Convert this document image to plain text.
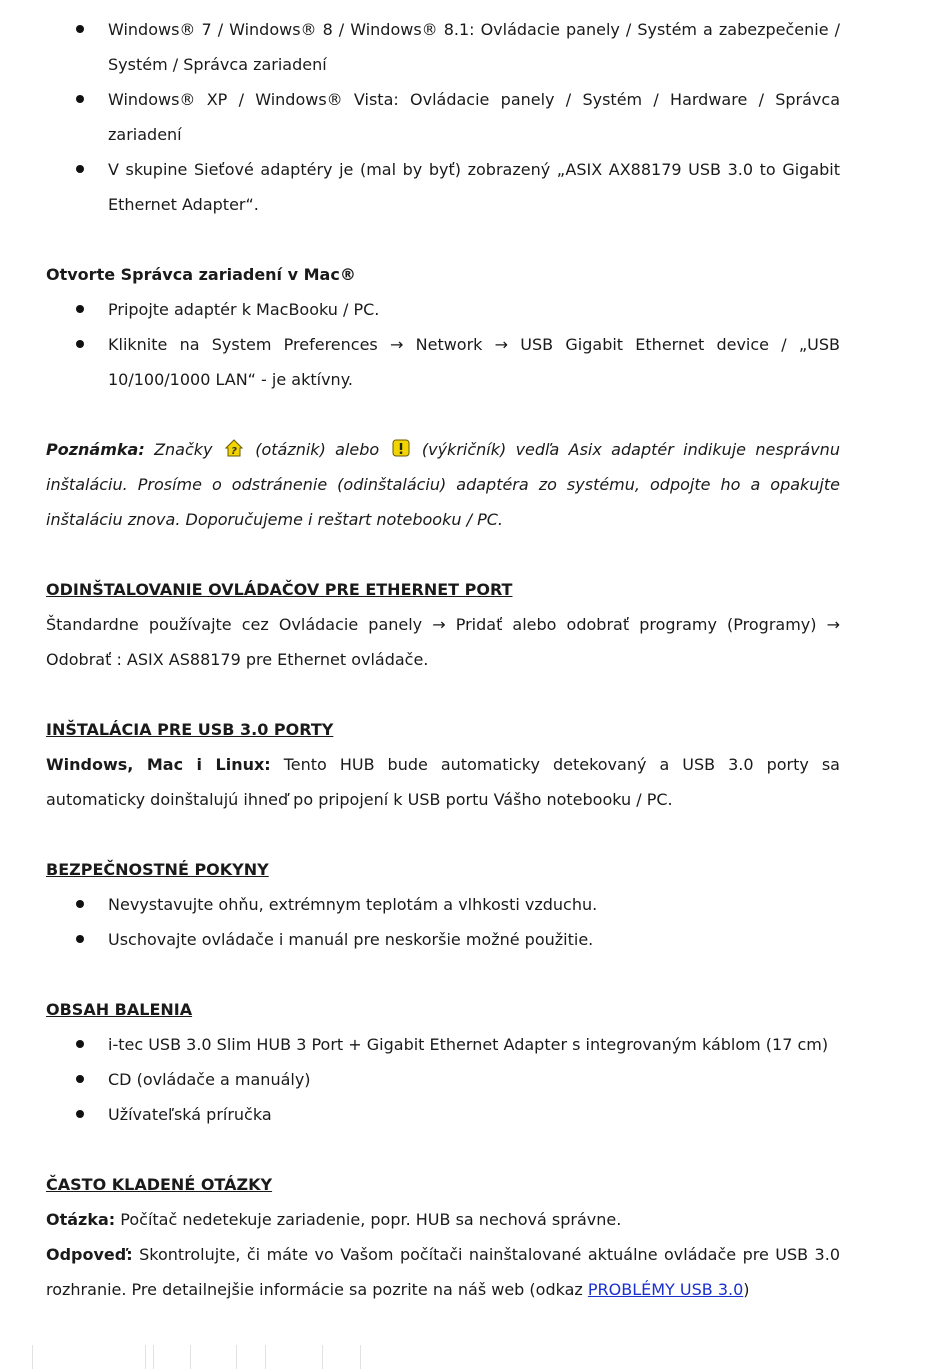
Windows® 7 / Windows® 8 / Windows® 8.1: Ovládacie panely / Systém a zabezpečenie / Systém / Správca zariadení
Windows® XP / Windows® Vista: Ovládacie panely / Systém / Hardware / Správca zariadení
V skupine Sieťové adaptéry je (mal by byť) zobrazený „ASIX AX88179 USB 3.0 to Gigabit Ethernet Adapter“.
Otvorte Správca zariadení v Mac®
Pripojte adaptér k MacBooku / PC.
Kliknite na System Preferences → Network → USB Gigabit Ethernet device / „USB 10/100/1000 LAN“ - je aktívny.

Poznámka: Značky ? (otáznik) alebo	(výkričník) vedľa Asix adaptér indikuje nesprávnu inštaláciu. Prosíme o odstránenie (odinštaláciu) adaptéra zo systému, odpojte ho a opakujte inštaláciu znova. Doporučujeme i reštart notebooku / PC.

ODINŠTALOVANIE OVLÁDAČOV PRE ETHERNET PORT

Štandardne používajte cez Ovládacie panely → Pridať alebo odobrať programy (Programy) → Odobrať : ASIX AS88179 pre Ethernet ovládače.

INŠTALÁCIA PRE USB 3.0 PORTY

Windows, Mac i Linux: Tento HUB bude automaticky detekovaný a USB 3.0 porty sa automaticky doinštalujú ihneď po pripojení k USB portu Vášho notebooku / PC.

BEZPEČNOSTNÉ POKYNY
Nevystavujte ohňu, extrémnym teplotám a vlhkosti vzduchu.
Uschovajte ovládače i manuál pre neskoršie možné použitie.
OBSAH BALENIA
i-tec USB 3.0 Slim HUB 3 Port + Gigabit Ethernet Adapter s integrovaným káblom (17 cm)
CD (ovládače a manuály)
Užívateľská príručka
ČASTO KLADENÉ OTÁZKY

Otázka: Počítač nedetekuje zariadenie, popr. HUB sa nechová správne.

Odpoveď: Skontrolujte, či máte vo Vašom počítači nainštalované aktuálne ovládače pre USB 3.0 rozhranie. Pre detailnejšie informácie sa pozrite na náš web (odkaz PROBLÉMY USB 3.0)
